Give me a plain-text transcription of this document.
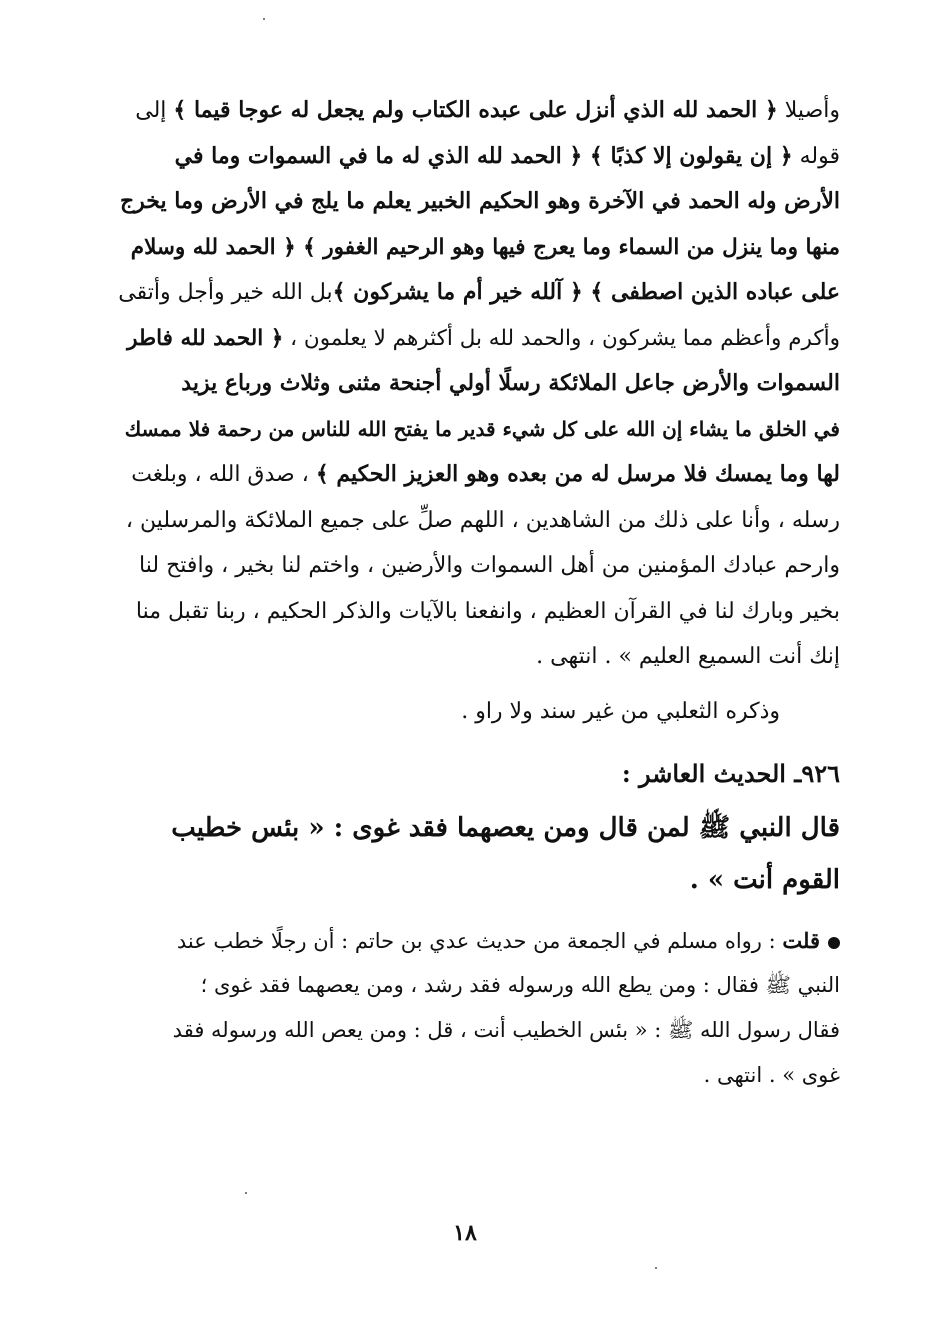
وأصيلا ﴿ الحمد لله الذي أنزل على عبده الكتاب ولم يجعل له عوجا قيما ﴾ إلى
قوله ﴿ إن يقولون إلا كذبًا ﴾ ﴿ الحمد لله الذي له ما في السموات وما في
الأرض وله الحمد في الآخرة وهو الحكيم الخبير يعلم ما يلج في الأرض وما يخرج
منها وما ينزل من السماء وما يعرج فيها وهو الرحيم الغفور ﴾ ﴿ الحمد لله وسلام
على عباده الذين اصطفى ﴾ ﴿ آلله خير أم ما يشركون ﴾بل الله خير وأجل وأتقى
وأكرم وأعظم مما يشركون ، والحمد لله بل أكثرهم لا يعلمون ، ﴿ الحمد لله فاطر
السموات والأرض جاعل الملائكة رسلًا أولي أجنحة مثنى وثلاث ورباع يزيد
في الخلق ما يشاء إن الله على كل شيء قدير ما يفتح الله للناس من رحمة فلا ممسك
لها وما يمسك فلا مرسل له من بعده وهو العزيز الحكيم ﴾ ، صدق الله ، وبلغت
رسله ، وأنا على ذلك من الشاهدين ، اللهم صلِّ على جميع الملائكة والمرسلين ،
وارحم عبادك المؤمنين من أهل السموات والأرضين ، واختم لنا بخير ، وافتح لنا
بخير وبارك لنا في القرآن العظيم ، وانفعنا بالآيات والذكر الحكيم ، ربنا تقبل منا
إنك أنت السميع العليم » . انتهى .
وذكره الثعلبي من غير سند ولا راو .
٩٢٦ـ الحديث العاشر :
قال النبي ﷺ لمن قال ومن يعصهما فقد غوى : « بئس خطيب
القوم أنت » .
قلت : رواه مسلم في الجمعة من حديث عدي بن حاتم : أن رجلًا خطب عند
النبي ﷺ فقال : ومن يطع الله ورسوله فقد رشد ، ومن يعصهما فقد غوى ؛
فقال رسول الله ﷺ : « بئس الخطيب أنت ، قل : ومن يعص الله ورسوله فقد
غوى » . انتهى .
١٨
